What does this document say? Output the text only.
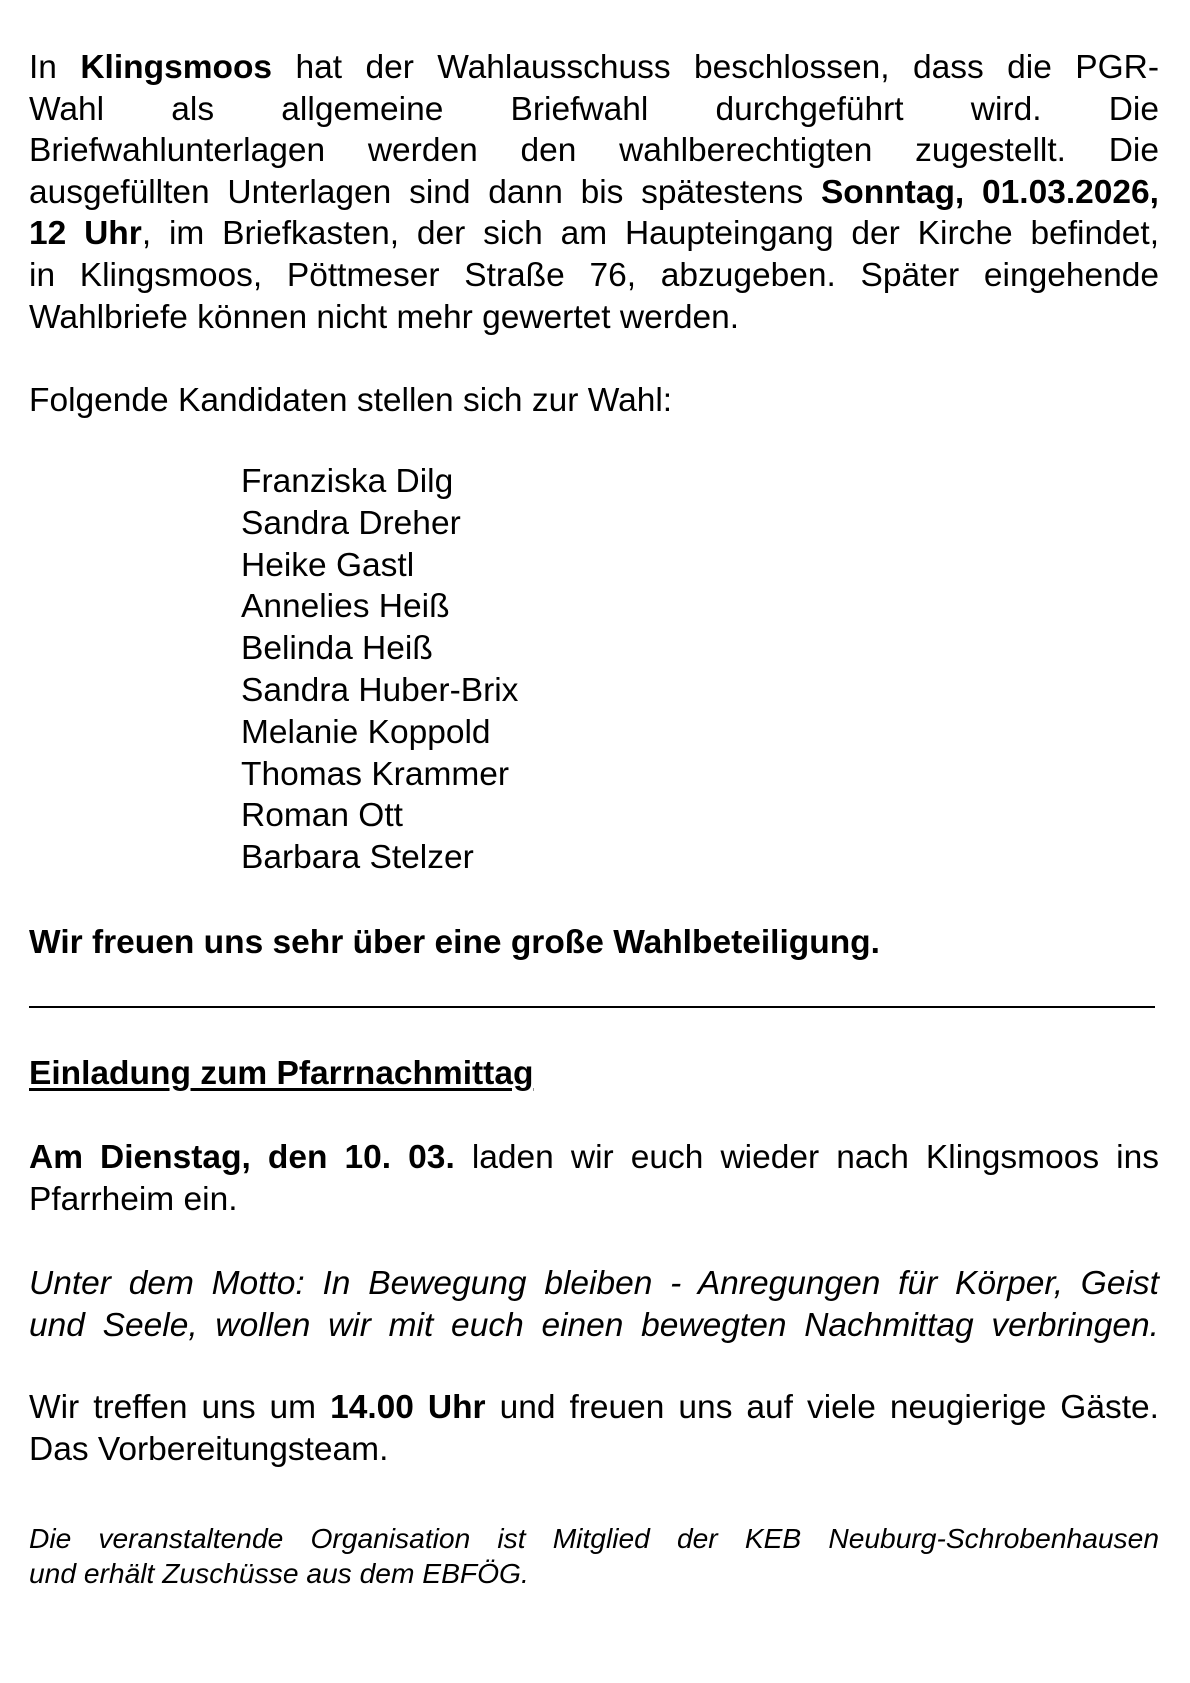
In Klingsmoos hat der Wahlausschuss beschlossen, dass die PGR-
Wahl als allgemeine Briefwahl durchgeführt wird. Die
Briefwahlunterlagen werden den wahlberechtigten zugestellt. Die
ausgefüllten Unterlagen sind dann bis spätestens Sonntag, 01.03.2026,
12 Uhr, im Briefkasten, der sich am Haupteingang der Kirche befindet,
in Klingsmoos, Pöttmeser Straße 76, abzugeben. Später eingehende
Wahlbriefe können nicht mehr gewertet werden.
Folgende Kandidaten stellen sich zur Wahl:
Franziska Dilg
Sandra Dreher
Heike Gastl
Annelies Heiß
Belinda Heiß
Sandra Huber-Brix
Melanie Koppold
Thomas Krammer
Roman Ott
Barbara Stelzer
Wir freuen uns sehr über eine große Wahlbeteiligung.
Einladung zum Pfarrnachmittag
Am Dienstag, den 10. 03. laden wir euch wieder nach Klingsmoos ins
Pfarrheim ein.
Unter dem Motto: In Bewegung bleiben - Anregungen für Körper, Geist
und Seele, wollen wir mit euch einen bewegten Nachmittag verbringen.
Wir treffen uns um 14.00 Uhr und freuen uns auf viele neugierige Gäste.
Das Vorbereitungsteam.
Die veranstaltende Organisation ist Mitglied der KEB Neuburg-Schrobenhausen
und erhält Zuschüsse aus dem EBFÖG.
